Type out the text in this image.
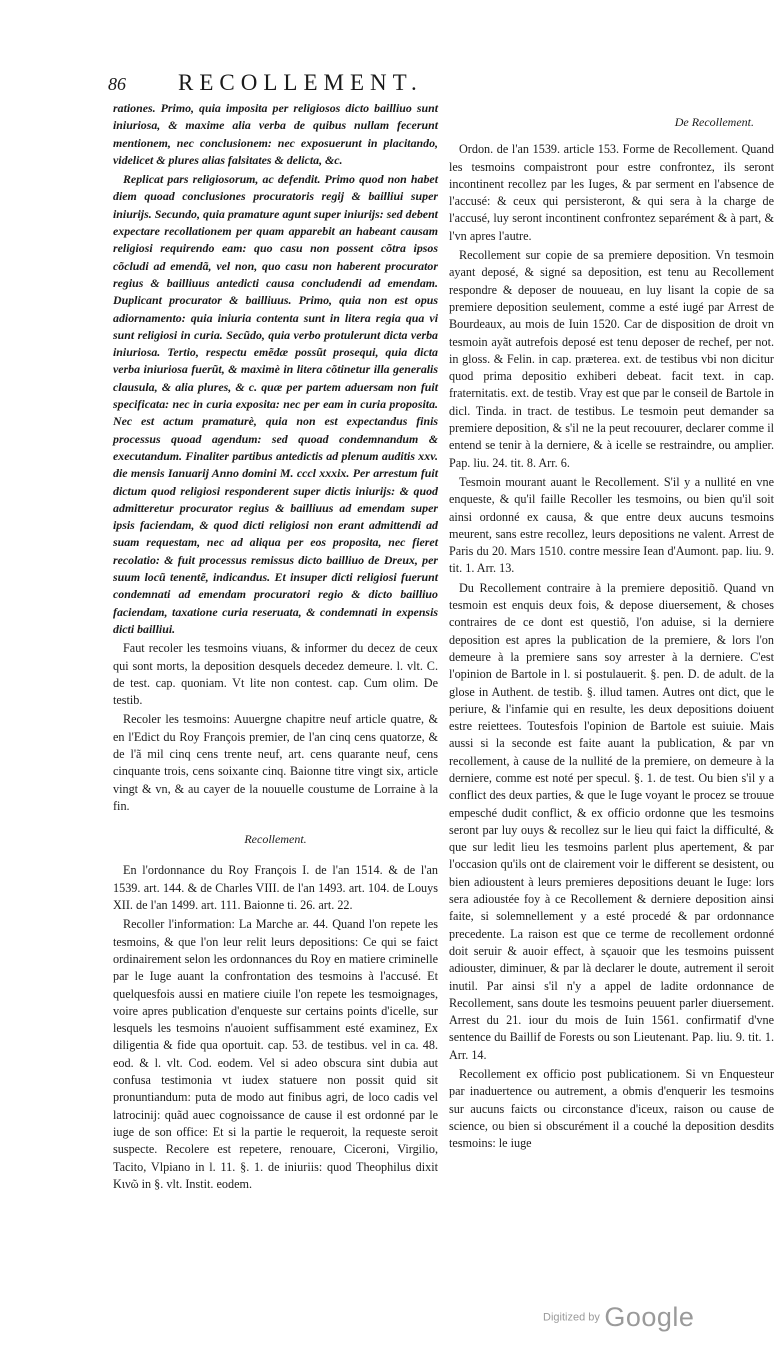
86 RECOLLEMENT.

rationes. Primo, quia imposita per religiosos dicto bailliuo sunt iniuriosa, & maxime alia verba de quibus nullam fecerunt mentionem, nec conclusionem: nec exposuerunt in placitando, videlicet & plures alias falsitates & delicta, &c.

Replicat pars religiosorum, ac defendit. Primo quod non habet diem quoad conclusiones procuratoris regij & bailliui super iniurijs. Secundo, quia pramature agunt super iniurijs: sed debent expectare recollationem per quam apparebit an habeant causam religiosi requirendo eam: quo casu non possent cõtra ipsos cõcludi ad emendã, vel non, quo casu non haberent procurator regius & bailliuus antedicti causa concludendi ad emendam. Duplicant procurator & bailliuus. Primo, quia non est opus adiornamento: quia iniuria contenta sunt in litera regia qua vi sunt religiosi in curia. Secũdo, quia verbo protulerunt dicta verba iniuriosa. Tertio, respectu emẽdæ possũt prosequi, quia dicta verba iniuriosa fuerũt, & maximè in litera cõtinetur illa generalis clausula, & alia plures, & c. quæ per partem aduersam non fuit specificata: nec in curia exposita: nec per eam in curia proposita. Nec est actum pramaturè, quia non est expectandus finis processus quoad agendum: sed quoad condemnandum & executandum. Finaliter partibus antedictis ad plenum auditis xxv. die mensis Ianuarij Anno domini M. cccl xxxix. Per arrestum fuit dictum quod religiosi responderent super dictis iniurijs: & quod admitteretur procurator regius & bailliuus ad emendam super ipsis faciendam, & quod dicti religiosi non erant admittendi ad suam requestam, nec ad aliqua per eos proposita, nec fieret recolatio: & fuit processus remissus dicto bailliuo de Dreux, per suum locũ tenentẽ, indicandus. Et insuper dicti religiosi fuerunt condemnati ad emendam procuratori regio & dicto bailliuo faciendam, taxatione curia reseruata, & condemnati in expensis dicti bailliui.

Faut recoler les tesmoins viuans, & informer du decez de ceux qui sont morts, la deposition desquels decedez demeure. l. vlt. C. de test. cap. quoniam. Vt lite non contest. cap. Cum olim. De testib.

Recoler les tesmoins: Auuergne chapitre neuf article quatre, & en l'Edict du Roy François premier, de l'an cinq cens quatorze, & de l'ã mil cinq cens trente neuf, art. cens quarante neuf, cens cinquante trois, cens soixante cinq. Baionne titre vingt six, article vingt & vn, & au cayer de la nouuelle coustume de Lorraine à la fin.

Recollement.

En l'ordonnance du Roy François I. de l'an 1514. & de l'an 1539. art. 144. & de Charles VIII. de l'an 1493. art. 104. de Louys XII. de l'an 1499. art. 111. Baionne ti. 26. art. 22.

Recoller l'information: La Marche ar. 44. Quand l'on repete les tesmoins, & que l'on leur relit leurs depositions: Ce qui se faict ordinairement selon les ordonnances du Roy en matiere criminelle par le Iuge auant la confrontation des tesmoins à l'accusé. Et quelquesfois aussi en matiere ciuile l'on repete les tesmoignages, voire apres publication d'enqueste sur certains points d'icelle, sur lesquels les tesmoins n'auoient suffisamment esté examinez, Ex diligentia & fide qua oportuit. cap. 53. de testibus. vel in ca. 48. eod. & l. vlt. Cod. eodem. Vel si adeo obscura sint dubia aut confusa testimonia vt iudex statuere non possit quid sit pronuntiandum: puta de modo aut finibus agri, de loco cadis vel latrocinij: quãd auec cognoissance de cause il est ordonné par le iuge de son office: Et si la partie le requeroit, la requeste seroit suspecte. Recolere est repetere, renouare, Ciceroni, Virgilio, Tacito, Vlpiano in l. 11. §. 1. de iniuriis: quod Theophilus dixit Κινῶ in §. vlt. Instit. eodem.

De Recollement.

Ordon. de l'an 1539. article 153. Forme de Recollement. Quand les tesmoins compaistront pour estre confrontez, ils seront incontinent recollez par les Iuges, & par serment en l'absence de l'accusé: & ceux qui persisteront, & qui sera à la charge de l'accusé, luy seront incontinent confrontez separément & à part, & l'vn apres l'autre.

Recollement sur copie de sa premiere deposition. Vn tesmoin ayant deposé, & signé sa deposition, est tenu au Recollement respondre & deposer de nouueau, en luy lisant la copie de sa premiere deposition seulement, comme a esté iugé par Arrest de Bourdeaux, au mois de Iuin 1520. Car de disposition de droit vn tesmoin ayãt autrefois deposé est tenu deposer de rechef, per not. in gloss. & Felin. in cap. præterea. ext. de testibus vbi non dicitur quod prima depositio exhiberi debeat. facit text. in cap. fraternitatis. ext. de testib. Vray est que par le conseil de Bartole in dicl. Tinda. in tract. de testibus. Le tesmoin peut demander sa premiere deposition, & s'il ne la peut recouurer, declarer comme il entend se tenir à la derniere, & à icelle se restraindre, ou amplier. Pap. liu. 24. tit. 8. Arr. 6.

Tesmoin mourant auant le Recollement. S'il y a nullité en vne enqueste, & qu'il faille Recoller les tesmoins, ou bien qu'il soit ainsi ordonné ex causa, & que entre deux aucuns tesmoins meurent, sans estre recollez, leurs depositions ne valent. Arrest de Paris du 20. Mars 1510. contre messire Iean d'Aumont. pap. liu. 9. tit. 1. Arr. 13.

Du Recollement contraire à la premiere depositiõ. Quand vn tesmoin est enquis deux fois, & depose diuersement, & choses contraires de ce dont est questiõ, l'on aduise, si la derniere deposition est apres la publication de la premiere, & lors l'on demeure à la premiere sans soy arrester à la derniere. C'est l'opinion de Bartole in l. si postulauerit. §. pen. D. de adult. de la glose in Authent. de testib. §. illud tamen. Autres ont dict, que le periure, & l'infamie qui en resulte, les deux depositions doiuent estre reiettees. Toutesfois l'opinion de Bartole est suiuie. Mais aussi si la seconde est faite auant la publication, & par vn recollement, à cause de la nullité de la premiere, on demeure à la derniere, comme est noté per specul. §. 1. de test. Ou bien s'il y a conflict des deux parties, & que le Iuge voyant le procez se trouue empesché dudit conflict, & ex officio ordonne que les tesmoins seront par luy ouys & recollez sur le lieu qui faict la difficulté, & que sur ledit lieu les tesmoins parlent plus apertement, & par l'occasion qu'ils ont de clairement voir le different se desistent, ou bien adioustent à leurs premieres depositions deuant le Iuge: lors sera adioustée foy à ce Recollement & derniere deposition ainsi faite, si solemnellement y a esté procedé & par ordonnance precedente. La raison est que ce terme de recollement ordonné doit seruir & auoir effect, à sçauoir que les tesmoins puissent adiouster, diminuer, & par là declarer le doute, autrement il seroit inutil. Par ainsi s'il n'y a appel de ladite ordonnance de Recollement, sans doute les tesmoins peuuent parler diuersement. Arrest du 21. iour du mois de Iuin 1561. confirmatif d'vne sentence du Baillif de Forests ou son Lieutenant. Pap. liu. 9. tit. 1. Arr. 14.

Recollement ex officio post publicationem. Si vn Enquesteur par inaduertence ou autrement, a obmis d'enquerir les tesmoins sur aucuns faicts ou circonstance d'iceux, raison ou cause de science, ou bien si obscurément il a couché la deposition desdits tesmoins: le iuge

Digitized by Google
